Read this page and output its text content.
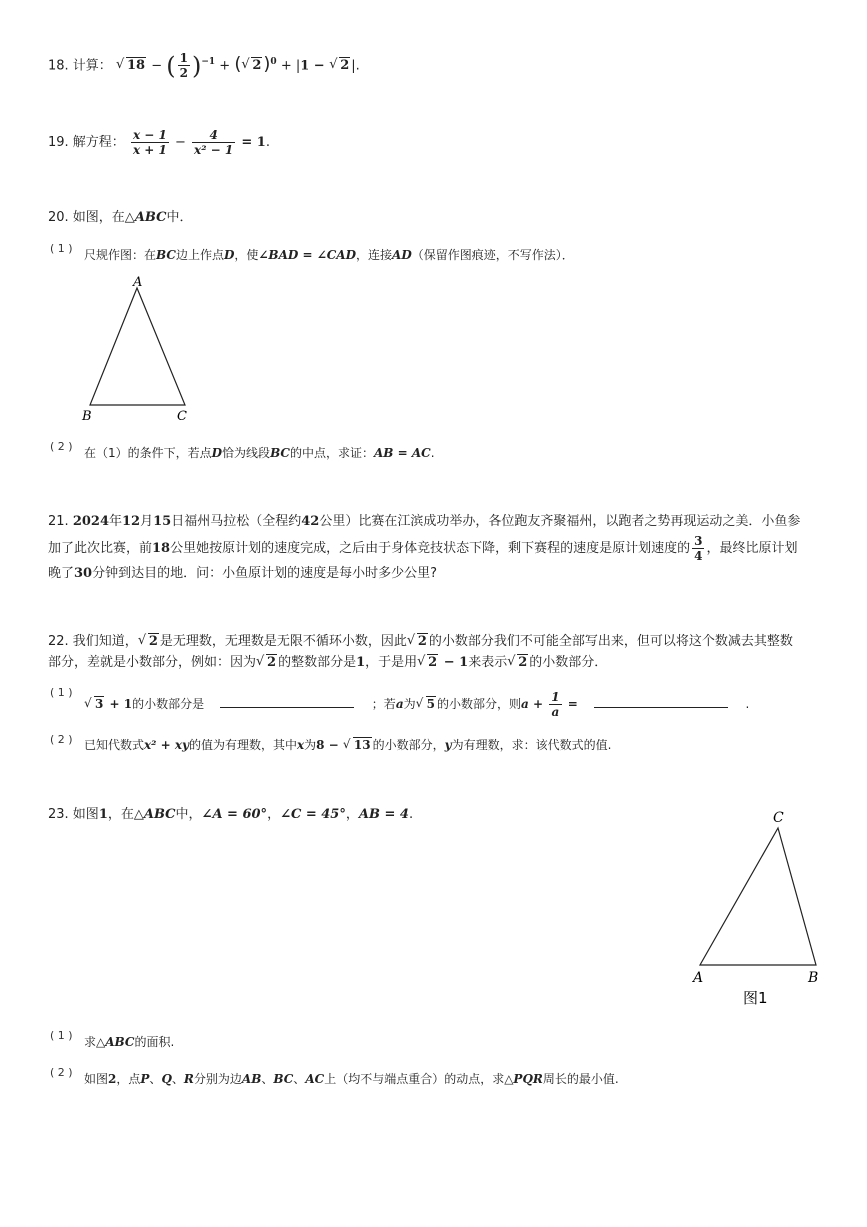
18. 计算： √ 18 − ( $\frac{1}{2} )^{-1}$ + ( √ 2 )$^0$ + |1 − √ 2 |.
19. 解方程： $\frac{x - 1}{x + 1} - \frac{4}{\text{x² − 1}} = 1$.
20. 如图，在△ABC中．
( 1 ) 尺规作图：在BC边上作点D，使∠BAD = ∠CAD，连接AD（保留作图痕迹，不写作法）．
A
B	C
( 2 ) 在（1）的条件下，若点D恰为线段BC的中点，求证：AB = AC.
21. 2024年12月15日福州马拉松（全程约42公里）比赛在江滨成功举办，各位跑友齐聚福州，以跑者之势再现运动之美．小鱼参
加了此次比赛，前18公里她按原计划的速度完成，之后由于身体竞技状态下降，剩下赛程的速度是原计划速度的 $\frac{3}{4}$ ，最终比原计划
晚了30分钟到达目的地．问：小鱼原计划的速度是每小时多少公里?
22. 我们知道， √ 2 是无理数，无理数是无限不循环小数，因此 √ 2 的小数部分我们不可能全部写出来，但可以将这个数减去其整数
部分，差就是小数部分，例如：因为 √ 2 的整数部分是1，于是用 √ 2 − 1来表示 √ 2 的小数部分．
( 1 )
√ 3 + 1的小数部分是	；若a为 √ 5 的小数部分，则$a + \frac{1}{a}$ =	.
( 2 ) 已知代数式x² + xy的值为有理数，其中x为8 − √ 13 的小数部分，y为有理数，求：该代数式的值.
23. 如图1，在△ABC中，∠A = 60°，∠C = 45°，AB = 4.	C
A	B
图1
( 1 ) 求△ABC的面积.
( 2 ) 如图2，点P、Q、R分别为边AB、BC、AC上（均不与端点重合）的动点，求△PQR周长的最小值.
